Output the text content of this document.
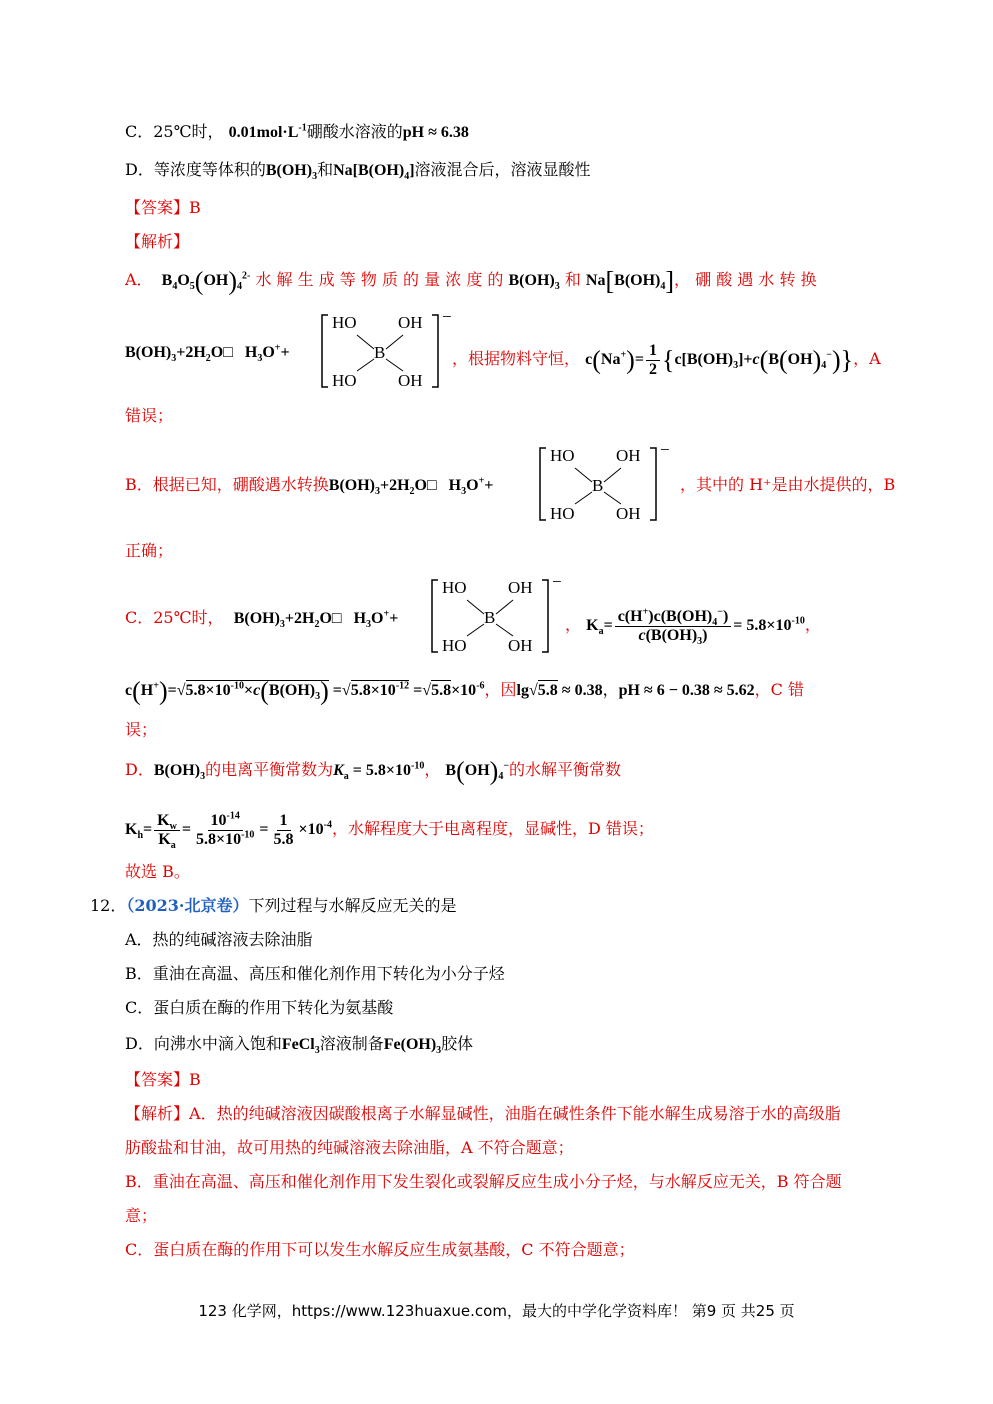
C．25℃时， $0.01mol\cdot L^{-1}$硼酸水溶液的pH ≈ 6.38
D．等浓度等体积的$B(OH)_3$和$Na[B(OH)_4]$溶液混合后，溶液显酸性
【答案】B
【解析】
A．  $B_4O_5(OH)_4^{2-}$ 水 解 生 成 等 物 质 的 量 浓 度 的 $B(OH)_3$ 和 $Na[B(OH)_4]$， 硼 酸 遇 水 转 换
$B(OH)_3+2H_2O□$   $H_3O^++$
HO OH
B
HO OH
−
，根据物料守恒， $c(Na^+)= \frac{1}{2} \{c[B(OH)_3]+c(B(OH)_4^-)\}$，A
错误；
B．根据已知，硼酸遇水转换$B(OH)_3+2H_2O□$   $H_3O^++$
HO OH
B
HO OH
−
，其中的 H⁺是由水提供的，B
正确；
C．25℃时， $B(OH)_3+2H_2O□$   $H_3O^++$
HO OH
B
HO OH
−
， $K_a= \frac{c(H^+)c(B(OH)_4^-)}{c(B(OH)_3)} = 5.8\times 10^{-10}$，
$c(H^+)=√5.8\times 10^{-10}\times c(B(OH)_3) =√5.8\times 10^{-12} =√5.8\times 10^{-6}$，因lg√5.8 ≈ 0.38，pH ≈ 6 − 0.38 ≈ 5.62，C 错
误；
D．$B(OH)_3$的电离平衡常数为$K_a = 5.8\times 10^{-10}$， $B(OH)_4^-$的水解平衡常数
$K_h= \frac{K_w}{K_a} = \frac{10^{-14}}{5.8\times 10^{-10}} = \frac{1}{5.8} \times 10^{-4}$，水解程度大于电离程度，显碱性，D 错误；
故选 B。
12．（2023·北京卷）下列过程与水解反应无关的是
A．热的纯碱溶液去除油脂
B．重油在高温、高压和催化剂作用下转化为小分子烃
C．蛋白质在酶的作用下转化为氨基酸
D．向沸水中滴入饱和FeCl$_3$溶液制备$Fe(OH)_3$胶体
【答案】B
【解析】A．热的纯碱溶液因碳酸根离子水解显碱性，油脂在碱性条件下能水解生成易溶于水的高级脂
肪酸盐和甘油，故可用热的纯碱溶液去除油脂，A 不符合题意；
B．重油在高温、高压和催化剂作用下发生裂化或裂解反应生成小分子烃，与水解反应无关，B 符合题
意；
C．蛋白质在酶的作用下可以发生水解反应生成氨基酸，C 不符合题意；
123 化学网，https://www.123huaxue.com，最大的中学化学资料库！ 第9 页 共25 页
